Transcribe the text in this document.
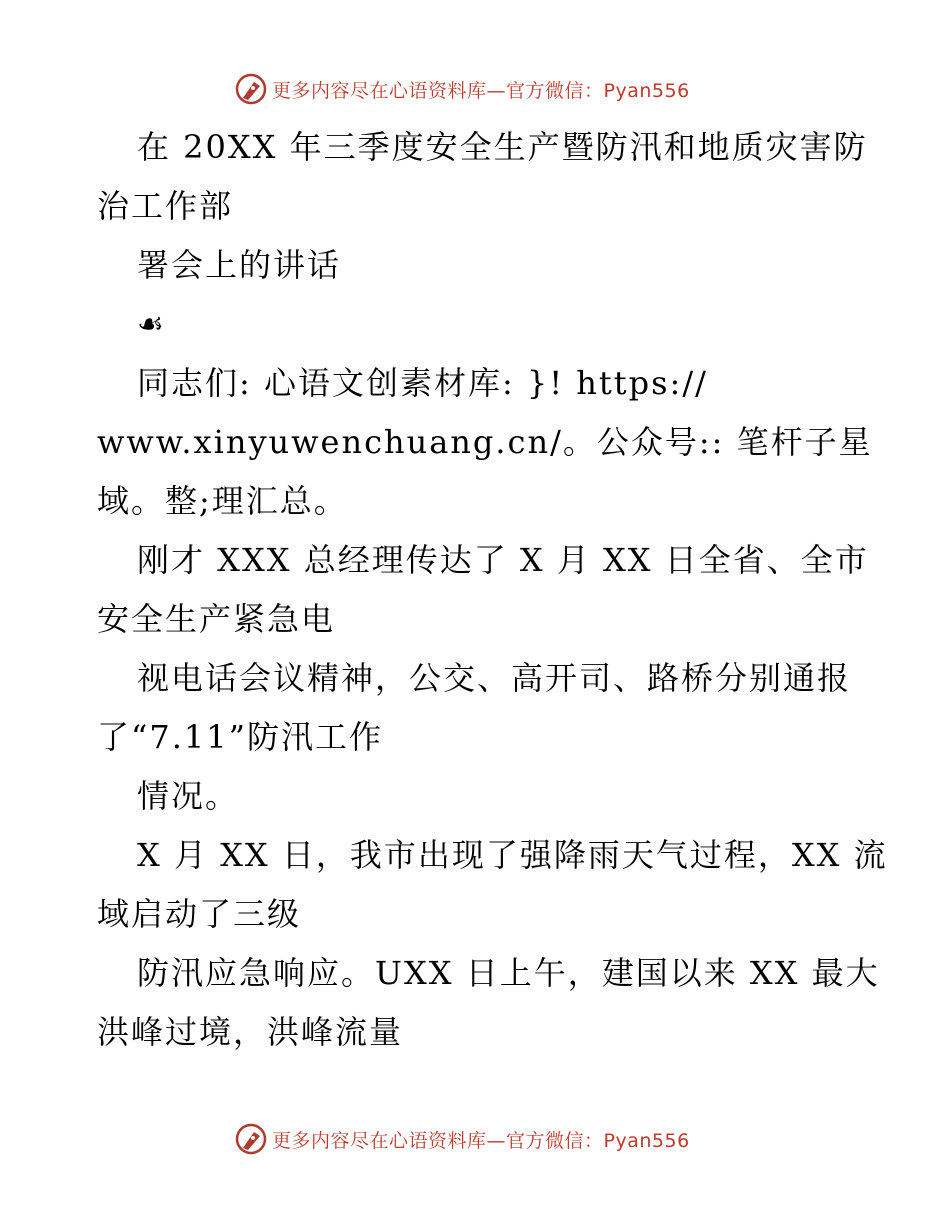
更多内容尽在心语资料库—官方微信：Pyan556
在 20XX 年三季度安全生产暨防汛和地质灾害防
治工作部
署会上的讲话
☙
同志们: 心语文创素材库: }! https://
www.xinyuwenchuang.cn/。公众号:: 笔杆子星
域。整;理汇总。
刚才 XXX 总经理传达了 X 月 XX 日全省、全市
安全生产紧急电
视电话会议精神，公交、高开司、路桥分别通报
了“7.11”防汛工作
情况。
X 月 XX 日，我市出现了强降雨天气过程，XX 流
域启动了三级
防汛应急响应。UXX 日上午，建国以来 XX 最大
洪峰过境，洪峰流量
更多内容尽在心语资料库—官方微信：Pyan556
